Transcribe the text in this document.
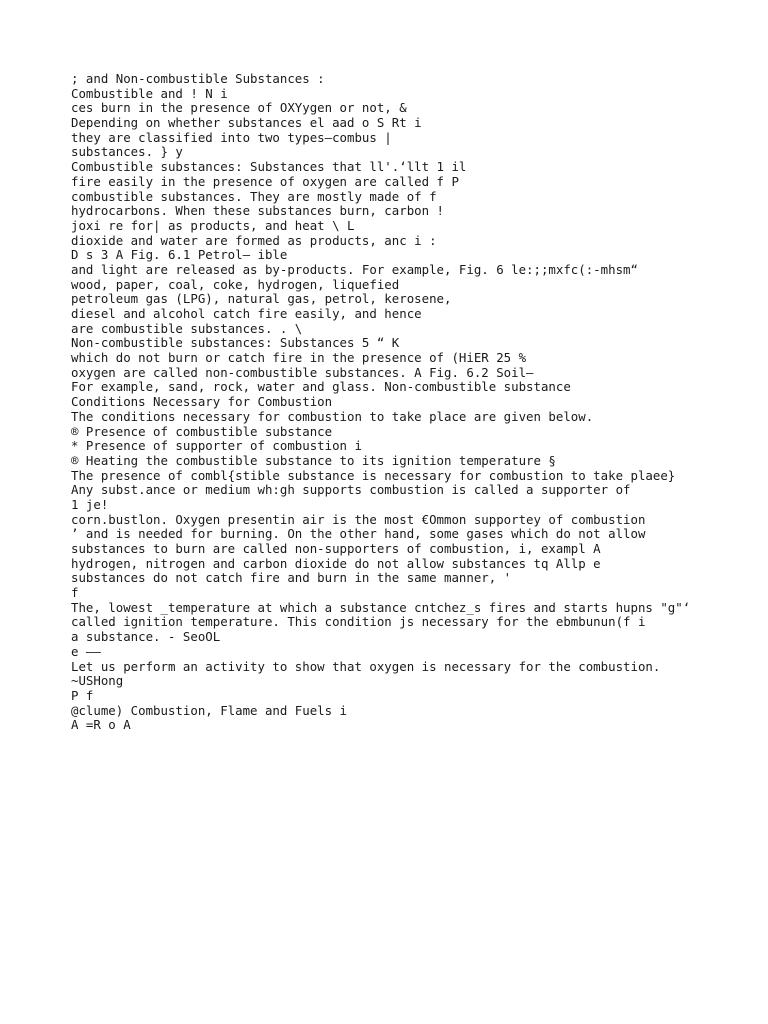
; and Non-combustible Substances :
Combustible and ! N i
ces burn in the presence of OXYygen or not, &
Depending on whether substances el aad o S Rt i
they are classified into two types—combus |
substances. } y
Combustible substances: Substances that ll'.‘llt 1 il
fire easily in the presence of oxygen are called f P
combustible substances. They are mostly made of f
hydrocarbons. When these substances burn, carbon !
joxi re for| as products, and heat \ L
dioxide and water are formed as products, anc i :
D s 3 A Fig. 6.1 Petrol— ible
and light are released as by-products. For example, Fig. 6 le:;;mxfc(:-mhsm“
wood, paper, coal, coke, hydrogen, liquefied
petroleum gas (LPG), natural gas, petrol, kerosene,
diesel and alcohol catch fire easily, and hence
are combustible substances. . \
Non-combustible substances: Substances 5 “ K
which do not burn or catch fire in the presence of (HiER 25 %
oxygen are called non-combustible substances. A Fig. 6.2 Soil—
For example, sand, rock, water and glass. Non-combustible substance
Conditions Necessary for Combustion
The conditions necessary for combustion to take place are given below.
® Presence of combustible substance
* Presence of supporter of combustion i
® Heating the combustible substance to its ignition temperature §
The presence of combl{stible substance is necessary for combustion to take plaee}
Any subst.ance or medium wh:gh supports combustion is called a supporter of
1 je!
corn.bustlon. Oxygen presentin air is the most €Ommon supportey of combustion
’ and is needed for burning. On the other hand, some gases which do not allow
substances to burn are called non-supporters of combustion, i, exampl A
hydrogen, nitrogen and carbon dioxide do not allow substances tq Allp e
substances do not catch fire and burn in the same manner, '
f
The, lowest _temperature at which a substance cntchez_s fires and starts hupns "g"‘
called ignition temperature. This condition js necessary for the ebmbunun(f i
a substance. - SeoOL
e ——
Let us perform an activity to show that oxygen is necessary for the combustion.
~USHong
P f
@clume) Combustion, Flame and Fuels i
A =R o A
